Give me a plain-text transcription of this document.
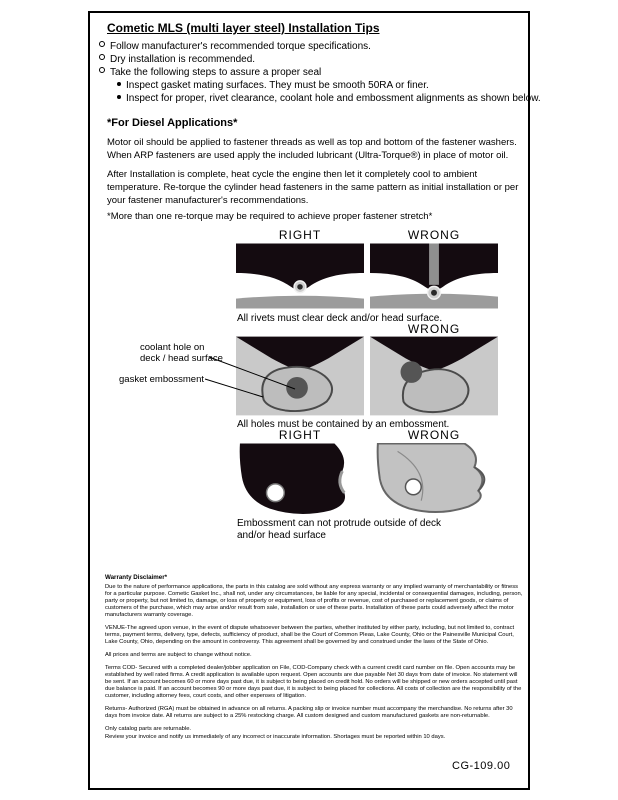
Cometic MLS (multi layer steel) Installation Tips
Follow manufacturer's recommended torque specifications.
Dry installation is recommended.
Take the following steps to assure a proper seal
Inspect gasket mating surfaces. They must be smooth 50RA or finer.
Inspect for proper, rivet clearance, coolant hole and embossment alignments as shown below.
*For Diesel Applications*
Motor oil should be applied to fastener threads as well as top and bottom of the fastener washers. When ARP fasteners are used apply the included lubricant (Ultra-Torque®) in place of motor oil.
After Installation is complete, heat cycle the engine then let it completely cool to ambient temperature. Re-torque the cylinder head fasteners in the same pattern as initial installation or per your fastener manufacturer's recommendations.
*More than one re-torque may be required to achieve proper fastener stretch*
RIGHT	WRONG
All rivets must clear deck and/or head surface.
WRONG
coolant hole on deck / head surface
gasket embossment
All holes must be contained by an embossment.
RIGHT	WRONG
Embossment can not protrude outside of deck and/or head surface
Warranty Disclaimer*

Due to the nature of performance applications, the parts in this catalog are sold without any express warranty or any implied warranty of merchantability or fitness for a particular purpose. Cometic Gasket Inc., shall not, under any circumstances, be liable for any special, incidental or consequential damages, including, person, party or property, but not limited to, damage, or loss of property or equipment, loss of profits or revenue, cost of purchased or replacement goods, or claims of customers of the purchase, which may arise and/or result from sale, installation or use of these parts. Installation of these parts could adversely affect the motor manufacturers warranty coverage.

VENUE-The agreed upon venue, in the event of dispute whatsoever between the parties, whether instituted by either party, including, but not limited to, contract terms, payment terms, delivery, type, defects, sufficiency of product, shall be the Court of Common Pleas, Lake County, Ohio or the Painesville Municipal Court, Lake County, Ohio, depending on the amount in controversy. This agreement shall be governed by and construed under the laws of the State of Ohio.

All prices and terms are subject to change without notice.

Terms COD- Secured with a completed dealer/jobber application on File, COD-Company check with a current credit card number on file. Open accounts may be established by well rated firms. A credit application is available upon request. Open accounts are due payable Net 30 days from date of invoice. No statement will be sent. If an account becomes 60 or more days past due, it is subject to being placed on credit hold. No orders will be shipped or new orders accepted until past due balance is paid. If an account becomes 90 or more days past due, it is subject to being placed for collections. All costs of collection are the responsibility of the customer, including attorney fees, court costs, and other expenses of litigation.

Returns- Authorized (RGA) must be obtained in advance on all returns. A packing slip or invoice number must accompany the merchandise. No returns after 30 days from invoice date. All returns are subject to a 25% restocking charge. All custom designed and custom manufactured gaskets are non-returnable.

Only catalog parts are returnable.

Review your invoice and notify us immediately of any incorrect or inaccurate information. Shortages must be reported within 10 days.

CG-109.00
